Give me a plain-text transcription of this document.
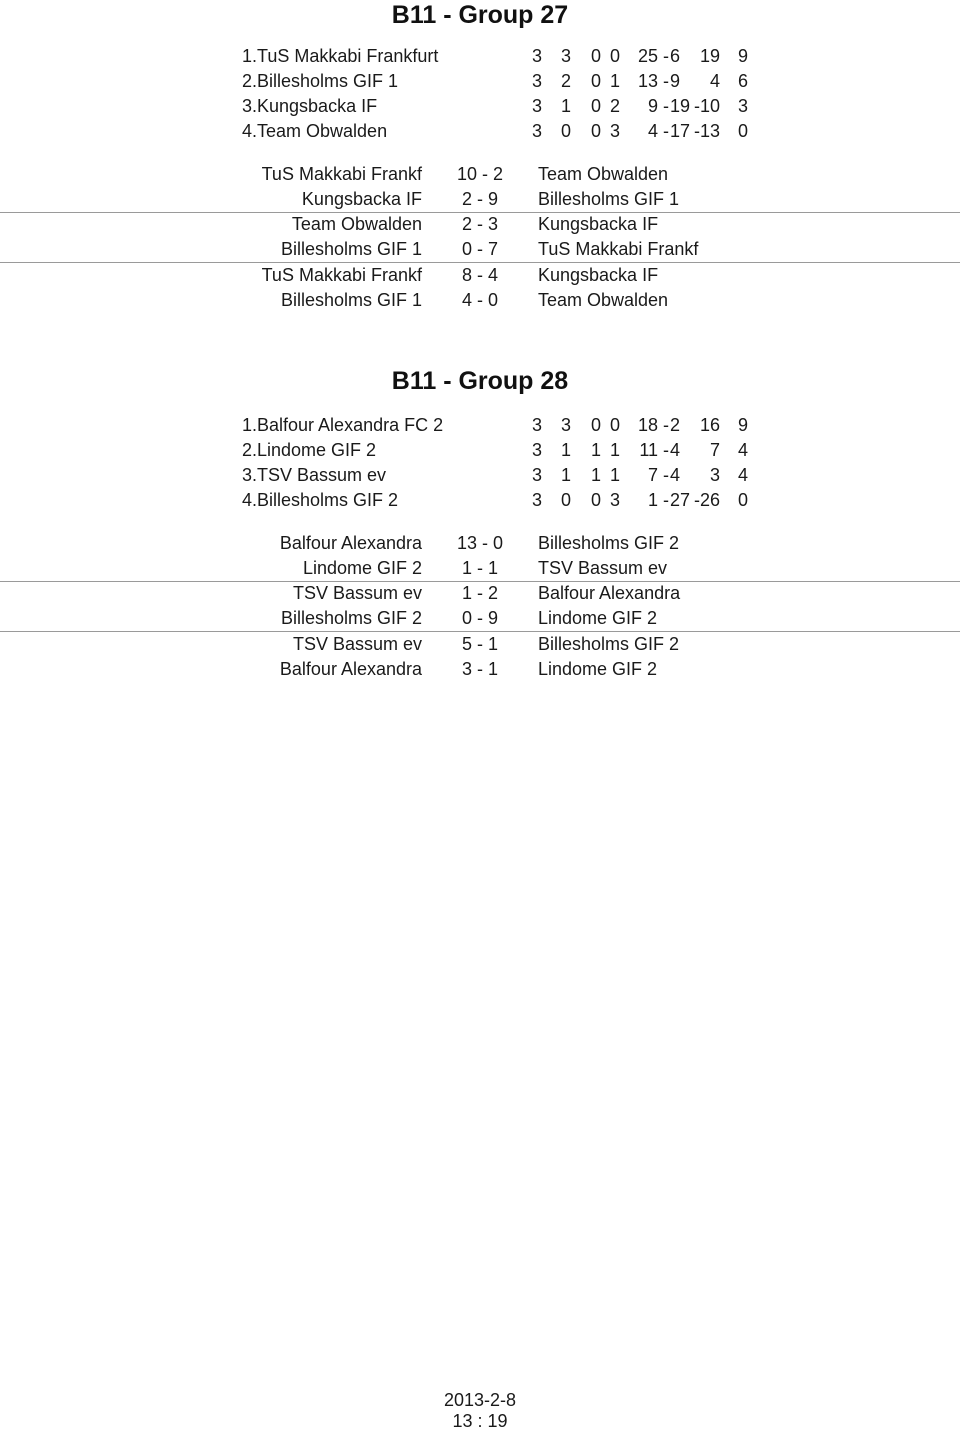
B11 - Group 27
1.TuS Makkabi Frankfurt	3 3 0 0 25 - 6	19 9
2.Billesholms GIF 1	3 2 0 1 13 - 9	4 6
3.Kungsbacka IF	3 1 0 2	9 - 19 -10 3
4.Team Obwalden	3 0 0 3	4 - 17 -13 0
TuS Makkabi Frankf	10 - 2	Team Obwalden
Kungsbacka IF	2 - 9	Billesholms GIF 1
Team Obwalden	2 - 3	Kungsbacka IF
Billesholms GIF 1	0 - 7	TuS Makkabi Frankf
TuS Makkabi Frankf	8 - 4	Kungsbacka IF
Billesholms GIF 1	4 - 0	Team Obwalden
B11 - Group 28
1.Balfour Alexandra FC 2	3 3 0 0 18 - 2	16 9
2.Lindome GIF 2	3 1 1 1	11 - 4	7 4
3.TSV Bassum ev	3 1 1 1	7 - 4	3 4
4.Billesholms GIF 2	3 0 0 3	1 - 27 -26 0
Balfour Alexandra	13 - 0	Billesholms GIF 2
Lindome GIF 2	1 - 1	TSV Bassum ev
TSV Bassum ev	1 - 2	Balfour Alexandra
Billesholms GIF 2	0 - 9	Lindome GIF 2
TSV Bassum ev	5 - 1	Billesholms GIF 2
Balfour Alexandra	3 - 1	Lindome GIF 2
2013-2-8
13 : 19
